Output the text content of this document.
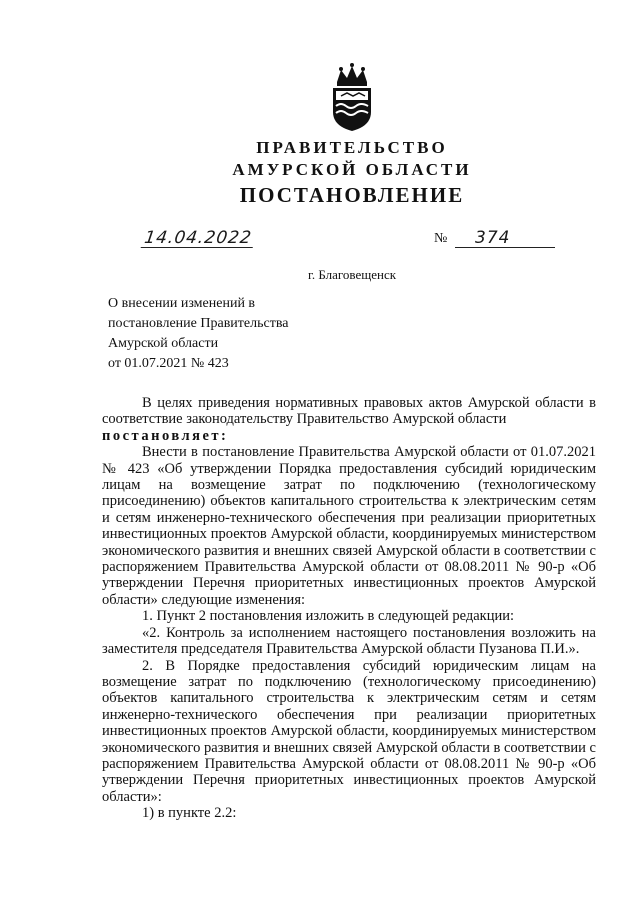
ПРАВИТЕЛЬСТВО
АМУРСКОЙ ОБЛАСТИ
ПОСТАНОВЛЕНИЕ
14.04.2022	№	374
г. Благовещенск
О внесении изменений в
постановление Правительства
Амурской области
от 01.07.2021 № 423

В целях приведения нормативных правовых актов Амурской области в соответствие законодательству Правительство Амурской области

постановляет:

Внести в постановление Правительства Амурской области от 01.07.2021 № 423 «Об утверждении Порядка предоставления субсидий юридическим лицам на возмещение затрат по подключению (технологическому присоединению) объектов капитального строительства к электрическим сетям и сетям инженерно-технического обеспечения при реализации приоритетных инвестиционных проектов Амурской области, координируемых министерством экономического развития и внешних связей Амурской области в соответствии с распоряжением Правительства Амурской области от 08.08.2011 № 90-р «Об утверждении Перечня приоритетных инвестиционных проектов Амурской области» следующие изменения:

1. Пункт 2 постановления изложить в следующей редакции:

«2. Контроль за исполнением настоящего постановления возложить на заместителя председателя Правительства Амурской области Пузанова П.И.».

2. В Порядке предоставления субсидий юридическим лицам на возмещение затрат по подключению (технологическому присоединению) объектов капитального строительства к электрическим сетям и сетям инженерно-технического обеспечения при реализации приоритетных инвестиционных проектов Амурской области, координируемых министерством экономического развития и внешних связей Амурской области в соответствии с распоряжением Правительства Амурской области от 08.08.2011 № 90-р «Об утверждении Перечня приоритетных инвестиционных проектов Амурской области»:

1) в пункте 2.2:
